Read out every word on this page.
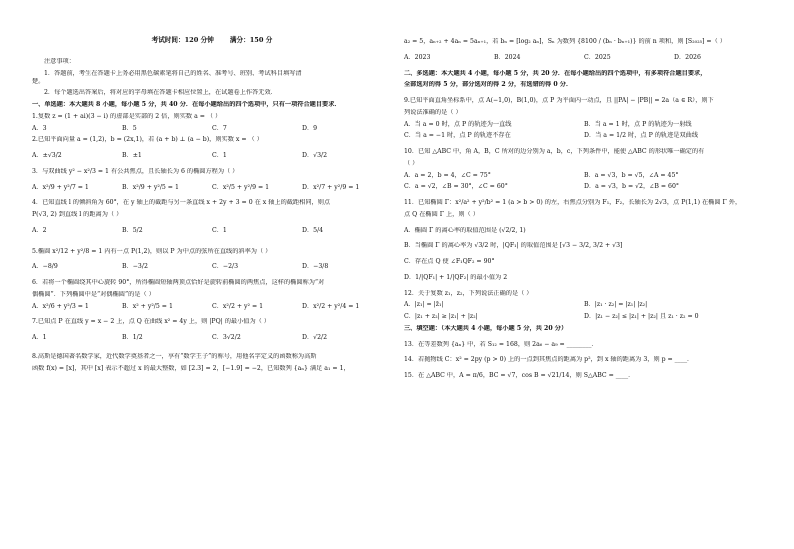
考试时间：120 分钟 满分：150 分
注意事项：
1．答题前，考生在答题卡上务必用黑色碳素笔将自己的姓名、准考号、班别、考试科目填写清
楚。
2．每个题选出答案后，将对应的字母填在答题卡相应位置上，在试题卷上作答无效．
一、单选题：本大题共 8 小题，每小题 5 分，共 40 分．在每小题给出的四个选项中，只有一项符合题目要求．
1.复数 z = (1 + ai)(3 − i) 的虚部是实部的 2 倍，则实数 a = （ ）
A．3	B．5	C．7	D．9
2.已知平面向量 a = (1,2)，b = (2x,1)，若 (a + b) ⊥ (a − b)，则实数 x = （ ）
A．±√3/2	B．±1	C．1	D．√3/2
3．与双曲线 y² − x²/3 = 1 有公共焦点，且长轴长为 6 的椭圆方程为（ ）
A．x²/9 + y²/7 = 1	B．x²/9 + y²/5 = 1	C．x²/5 + y²/9 = 1	D．x²/7 + y²/9 = 1
4．已知直线 l 的倾斜角为 60°，在 y 轴上的截距与另一条直线 x + 2y + 3 = 0 在 x 轴上的截距相同，则点
P(√3, 2) 到直线 l 的距离为（ ）
A．2	B．5/2	C．1	D．5/4
5.椭圆 x²/12 + y²/8 = 1 内有一点 P(1,2)，则以 P 为中点的弦所在直线的斜率为（ ）
A．−8/9	B．−3/2	C．−2/3	D．−3/8
6．若将一个椭圆绕其中心旋转 90°，所得椭圆短轴两顶点恰好是旋转前椭圆的两焦点，这样的椭圆称为“对
偶椭圆”．下列椭圆中是“对偶椭圆”的是（ ）
A．x²/6 + y²/3 = 1	B．x² + y²/5 = 1	C．x²/2 + y² = 1	D．x²/2 + y²/4 = 1
7.已知点 P 在直线 y = x − 2 上，点 Q 在曲线 x² = 4y 上，则 |PQ| 的最小值为（ ）
A．1	B．1/2	C．3√2/2	D．√2/2
8.高斯是德国著名数学家，近代数学奠基者之一，享有“数学王子”的称号，用他名字定义的函数称为高斯
函数 f(x) = [x]，其中 [x] 表示不超过 x 的最大整数，如 [2.3] = 2，[−1.9] = −2，已知数列 {aₙ} 满足 a₁ = 1，
a₂ = 5，aₙ₊₂ + 4aₙ = 5aₙ₊₁，若 bₙ = [log₂ aₙ]，Sₙ 为数列 {8100 / (bₙ · bₙ₊₁)} 的前 n 项和，则 [S₂₀₂₅] =（ ）
A．2023	B．2024	C．2025	D．2026
二、多选题：本大题共 4 小题，每小题 5 分，共 20 分．在每小题给出的四个选项中，有多项符合题目要求，
全部选对的得 5 分，部分选对的得 2 分，有选错的得 0 分．
9.已知平面直角坐标系中，点 A(−1,0)，B(1,0)，点 P 为平面内一动点，且 ||PA| − |PB|| = 2a（a ∈ R），则下
列说法准确的是（ ）
A．当 a = 0 时，点 P 的轨迹为一直线	B．当 a = 1 时，点 P 的轨迹为一射线
C．当 a = −1 时，点 P 的轨迹不存在	D．当 a = 1/2 时，点 P 的轨迹是双曲线
10．已知 △ABC 中，角 A，B，C 所对的边分别为 a，b，c，下列条件中，能使 △ABC 的形状唯一确定的有
（ ）
A．a = 2，b = 4，∠C = 75°	B．a = √3，b = √5，∠A = 45°
C．a = √2，∠B = 30°，∠C = 60°	D．a = √3，b = √2，∠B = 60°
11．已知椭圆 Γ：x²/a² + y²/b² = 1 (a > b > 0) 的左，右焦点分别为 F₁，F₂，长轴长为 2√3，点 P(1,1) 在椭圆 Γ 外，
点 Q 在椭圆 Γ 上，则（ ）
A．椭圆 Γ 的离心率的取值范围是 (√2/2, 1)
B．当椭圆 Γ 的离心率为 √3/2 时，|QF₁| 的取值范围是 [√3 − 3/2, 3/2 + √3]
C．存在点 Q 使 ∠F₁QF₂ = 90°
D．1/|QF₁| + 1/|QF₂| 的最小值为 2
12．关于复数 z₁，z₂，下列说法正确的是（ ）
A．|z₁| = |z̄₁|	B．|z₁ · z₂| = |z₁| |z₂|
C．|z₁ + z₂| ≥ |z₁| + |z₂|	D．|z₁ − z₂| ≤ |z₁| + |z₂| 且 z₁ · z₂ = 0
三、填空题：（本大题共 4 小题，每小题 5 分，共 20 分）
13．在等差数列 {aₙ} 中，若 S₁₂ = 168，则 2a₆ − a₉ = ________．
14．若抛物线 C：x² = 2py (p > 0) 上的一点到其焦点的距离为 p²，到 x 轴的距离为 3，则 p = ____．
15．在 △ABC 中，A = π/6，BC = √7，cos B = √21/14，则 S△ABC = ____．
